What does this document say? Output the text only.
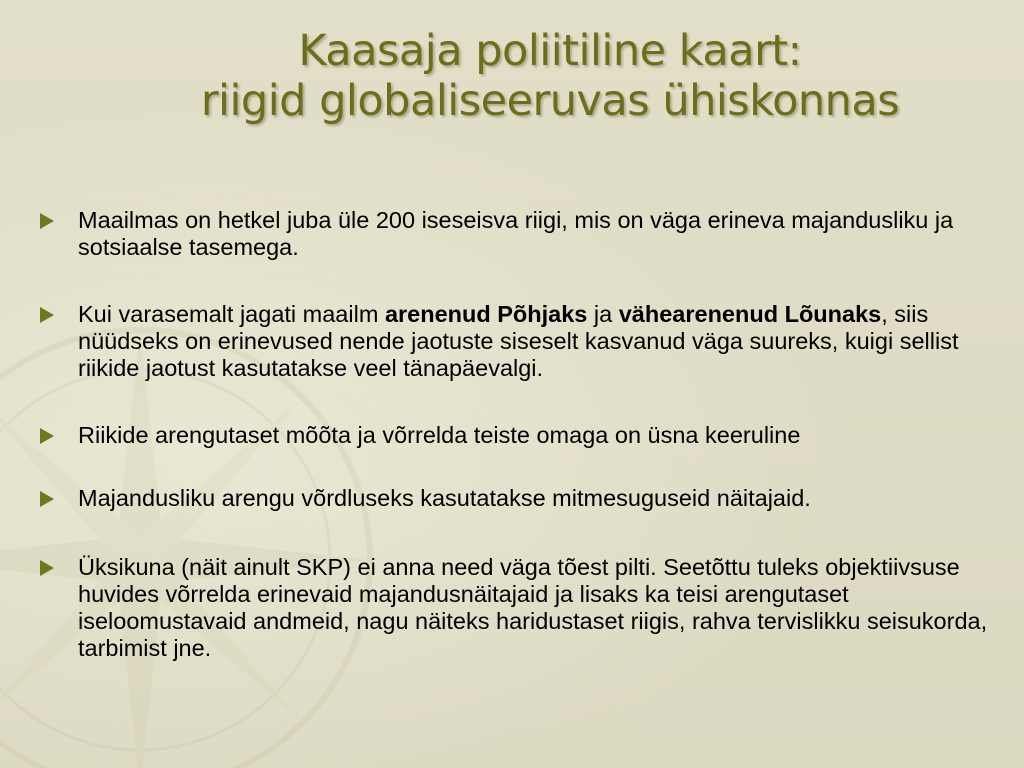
Kaasaja poliitiline kaart:
riigid globaliseeruvas ühiskonnas
Maailmas on hetkel juba üle 200 iseseisva riigi, mis on väga erineva majandusliku ja sotsiaalse tasemega.
Kui varasemalt jagati maailm arenenud Põhjaks ja vähearenenud Lõunaks, siis nüüdseks on erinevused nende jaotuste siseselt kasvanud väga suureks, kuigi sellist riikide jaotust kasutatakse veel tänapäevalgi.
Riikide arengutaset mõõta ja võrrelda teiste omaga on üsna keeruline
Majandusliku arengu võrdluseks kasutatakse mitmesuguseid näitajaid.
Üksikuna (näit ainult SKP) ei anna need väga tõest pilti. Seetõttu tuleks objektiivsuse huvides võrrelda erinevaid majandusnäitajaid ja lisaks ka teisi arengutaset iseloomustavaid andmeid, nagu näiteks haridustaset riigis, rahva tervislikku seisukorda, tarbimist jne.
